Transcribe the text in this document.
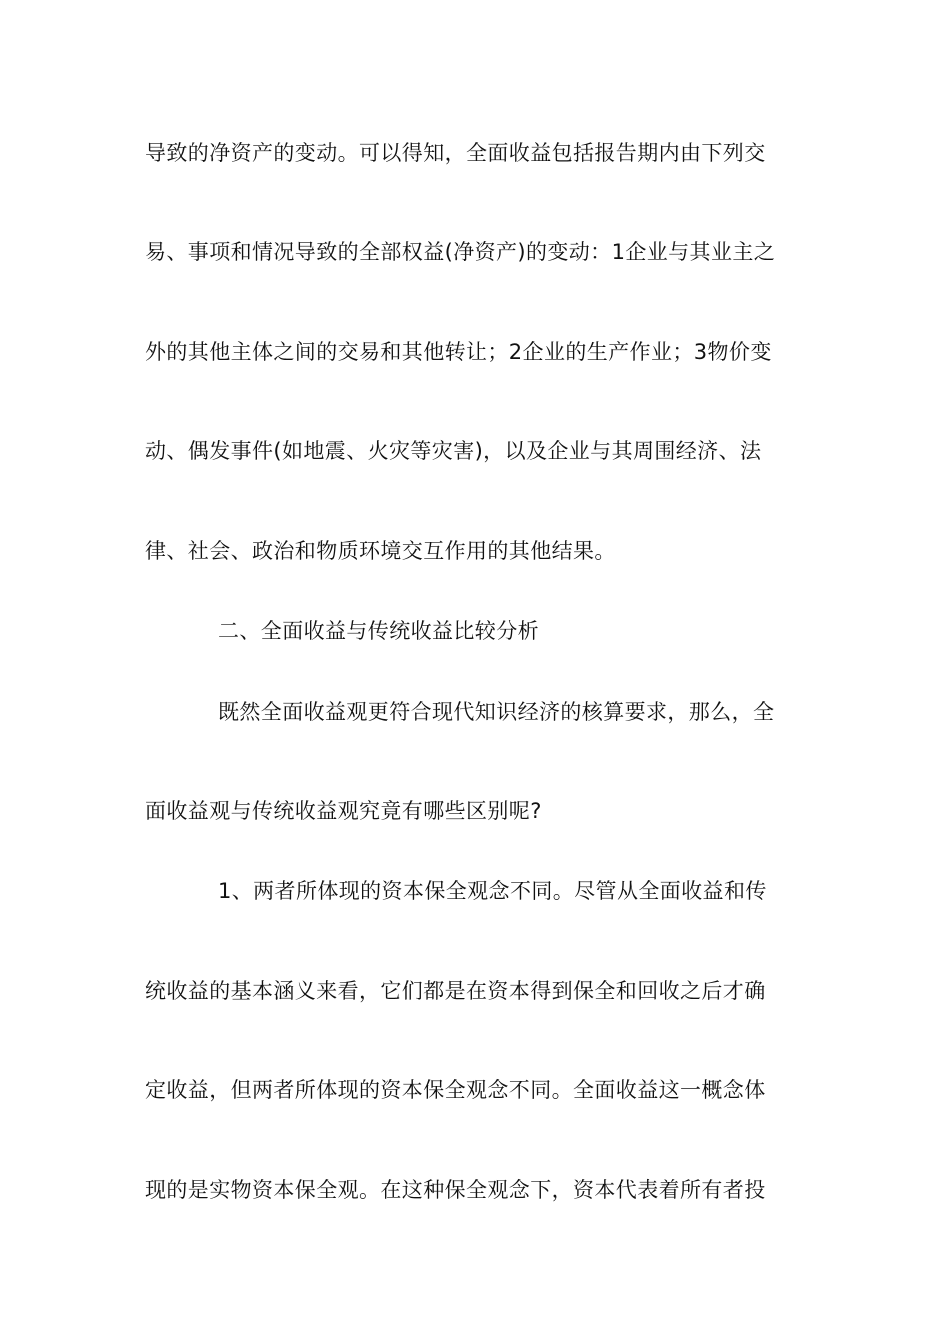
导致的净资产的变动。可以得知，全面收益包括报告期内由下列交
易、事项和情况导致的全部权益(净资产)的变动：1企业与其业主之
外的其他主体之间的交易和其他转让；2企业的生产作业；3物价变
动、偶发事件(如地震、火灾等灾害)，以及企业与其周围经济、法
律、社会、政治和物质环境交互作用的其他结果。
二、全面收益与传统收益比较分析
既然全面收益观更符合现代知识经济的核算要求，那么，全
面收益观与传统收益观究竟有哪些区别呢?
1、两者所体现的资本保全观念不同。尽管从全面收益和传
统收益的基本涵义来看，它们都是在资本得到保全和回收之后才确
定收益，但两者所体现的资本保全观念不同。全面收益这一概念体
现的是实物资本保全观。在这种保全观念下，资本代表着所有者投
